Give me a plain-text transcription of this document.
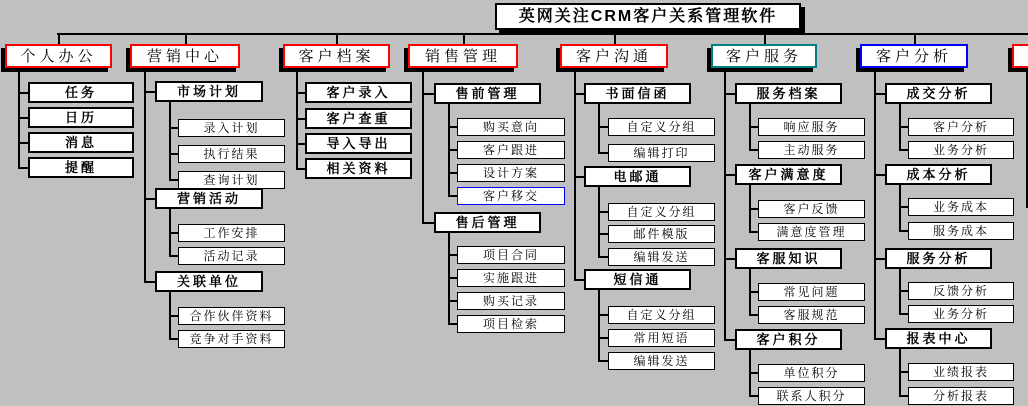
英网关注CRM客户关系管理软件
个人办公
任务
日历
消息
提醒
营销中心
市场计划
录入计划
执行结果
查询计划
营销活动
工作安排
活动记录
关联单位
合作伙伴资料
竞争对手资料
客户档案
客户录入
客户查重
导入导出
相关资料
销售管理
售前管理
购买意向
客户跟进
设计方案
客户移交
售后管理
项目合同
实施跟进
购买记录
项目检索
客户沟通
书面信函
自定义分组
编辑打印
电邮通
自定义分组
邮件模版
编辑发送
短信通
自定义分组
常用短语
编辑发送
客户服务
服务档案
响应服务
主动服务
客户满意度
客户反馈
满意度管理
客服知识
常见问题
客服规范
客户积分
单位积分
联系人积分
客户分析
成交分析
客户分析
业务分析
成本分析
业务成本
服务成本
服务分析
反馈分析
业务分析
报表中心
业绩报表
分析报表
